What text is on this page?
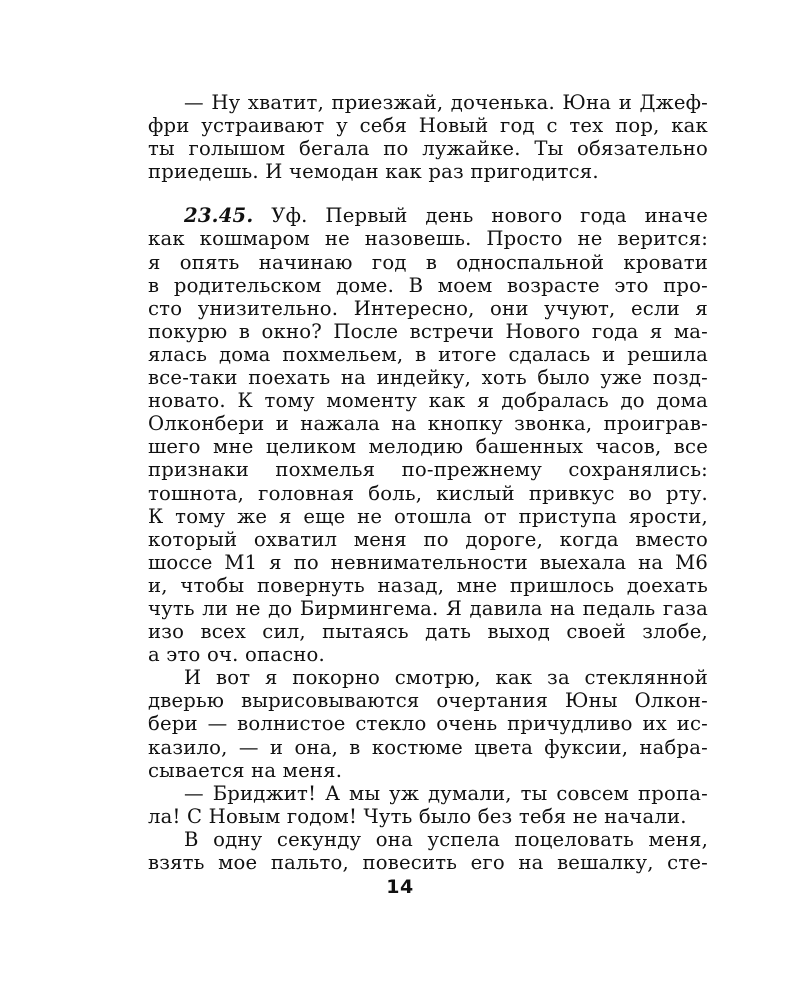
— Ну хватит, приезжай, доченька. Юна и Джеф-
фри устраивают у себя Новый год с тех пор, как
ты голышом бегала по лужайке. Ты обязательно
приедешь. И чемодан как раз пригодится.
23.45. Уф. Первый день нового года иначе
как кошмаром не назовешь. Просто не верится:
я опять начинаю год в односпальной кровати
в родительском доме. В моем возрасте это про-
сто унизительно. Интересно, они учуют, если я
покурю в окно? После встречи Нового года я ма-
ялась дома похмельем, в итоге сдалась и решила
все-таки поехать на индейку, хоть было уже позд-
новато. К тому моменту как я добралась до дома
Олконбери и нажала на кнопку звонка, проиграв-
шего мне целиком мелодию башенных часов, все
признаки похмелья по-прежнему сохранялись:
тошнота, головная боль, кислый привкус во рту.
К тому же я еще не отошла от приступа ярости,
который охватил меня по дороге, когда вместо
шоссе М1 я по невнимательности выехала на М6
и, чтобы повернуть назад, мне пришлось доехать
чуть ли не до Бирмингема. Я давила на педаль газа
изо всех сил, пытаясь дать выход своей злобе,
а это оч. опасно.
И вот я покорно смотрю, как за стеклянной
дверью вырисовываются очертания Юны Олкон-
бери — волнистое стекло очень причудливо их ис-
казило, — и она, в костюме цвета фуксии, набра-
сывается на меня.
— Бриджит! А мы уж думали, ты совсем пропа-
ла! С Новым годом! Чуть было без тебя не начали.
В одну секунду она успела поцеловать меня,
взять мое пальто, повесить его на вешалку, сте-
14
